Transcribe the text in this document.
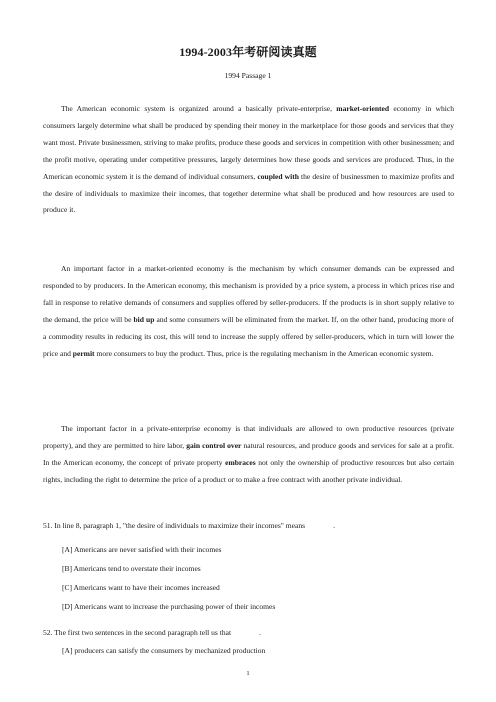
1994-2003年考研阅读真题
1994 Passage 1

The American economic system is organized around a basically private-enterprise, market-oriented economy in which consumers largely determine what shall be produced by spending their money in the marketplace for those goods and services that they want most. Private businessmen, striving to make profits, produce these goods and services in competition with other businessmen; and the profit motive, operating under competitive pressures, largely determines how these goods and services are produced. Thus, in the American economic system it is the demand of individual consumers, coupled with the desire of businessmen to maximize profits and the desire of individuals to maximize their incomes, that together determine what shall be produced and how resources are used to produce it.

An important factor in a market-oriented economy is the mechanism by which consumer demands can be expressed and responded to by producers. In the American economy, this mechanism is provided by a price system, a process in which prices rise and fall in response to relative demands of consumers and supplies offered by seller-producers. If the products is in short supply relative to the demand, the price will be bid up and some consumers will be eliminated from the market. If, on the other hand, producing more of a commodity results in reducing its cost, this will tend to increase the supply offered by seller-producers, which in turn will lower the price and permit more consumers to buy the product. Thus, price is the regulating mechanism in the American economic system.

The important factor in a private-enterprise economy is that individuals are allowed to own productive resources (private property), and they are permitted to hire labor, gain control over natural resources, and produce goods and services for sale at a profit. In the American economy, the concept of private property embraces not only the ownership of productive resources but also certain rights, including the right to determine the price of a product or to make a free contract with another private individual.

51. In line 8, paragraph 1, "the desire of individuals to maximize their incomes" means	.
[A] Americans are never satisfied with their incomes
[B] Americans tend to overstate their incomes
[C] Americans want to have their incomes increased
[D] Americans want to increase the purchasing power of their incomes
52. The first two sentences in the second paragraph tell us that	.
[A] producers can satisfy the consumers by mechanized production
1
